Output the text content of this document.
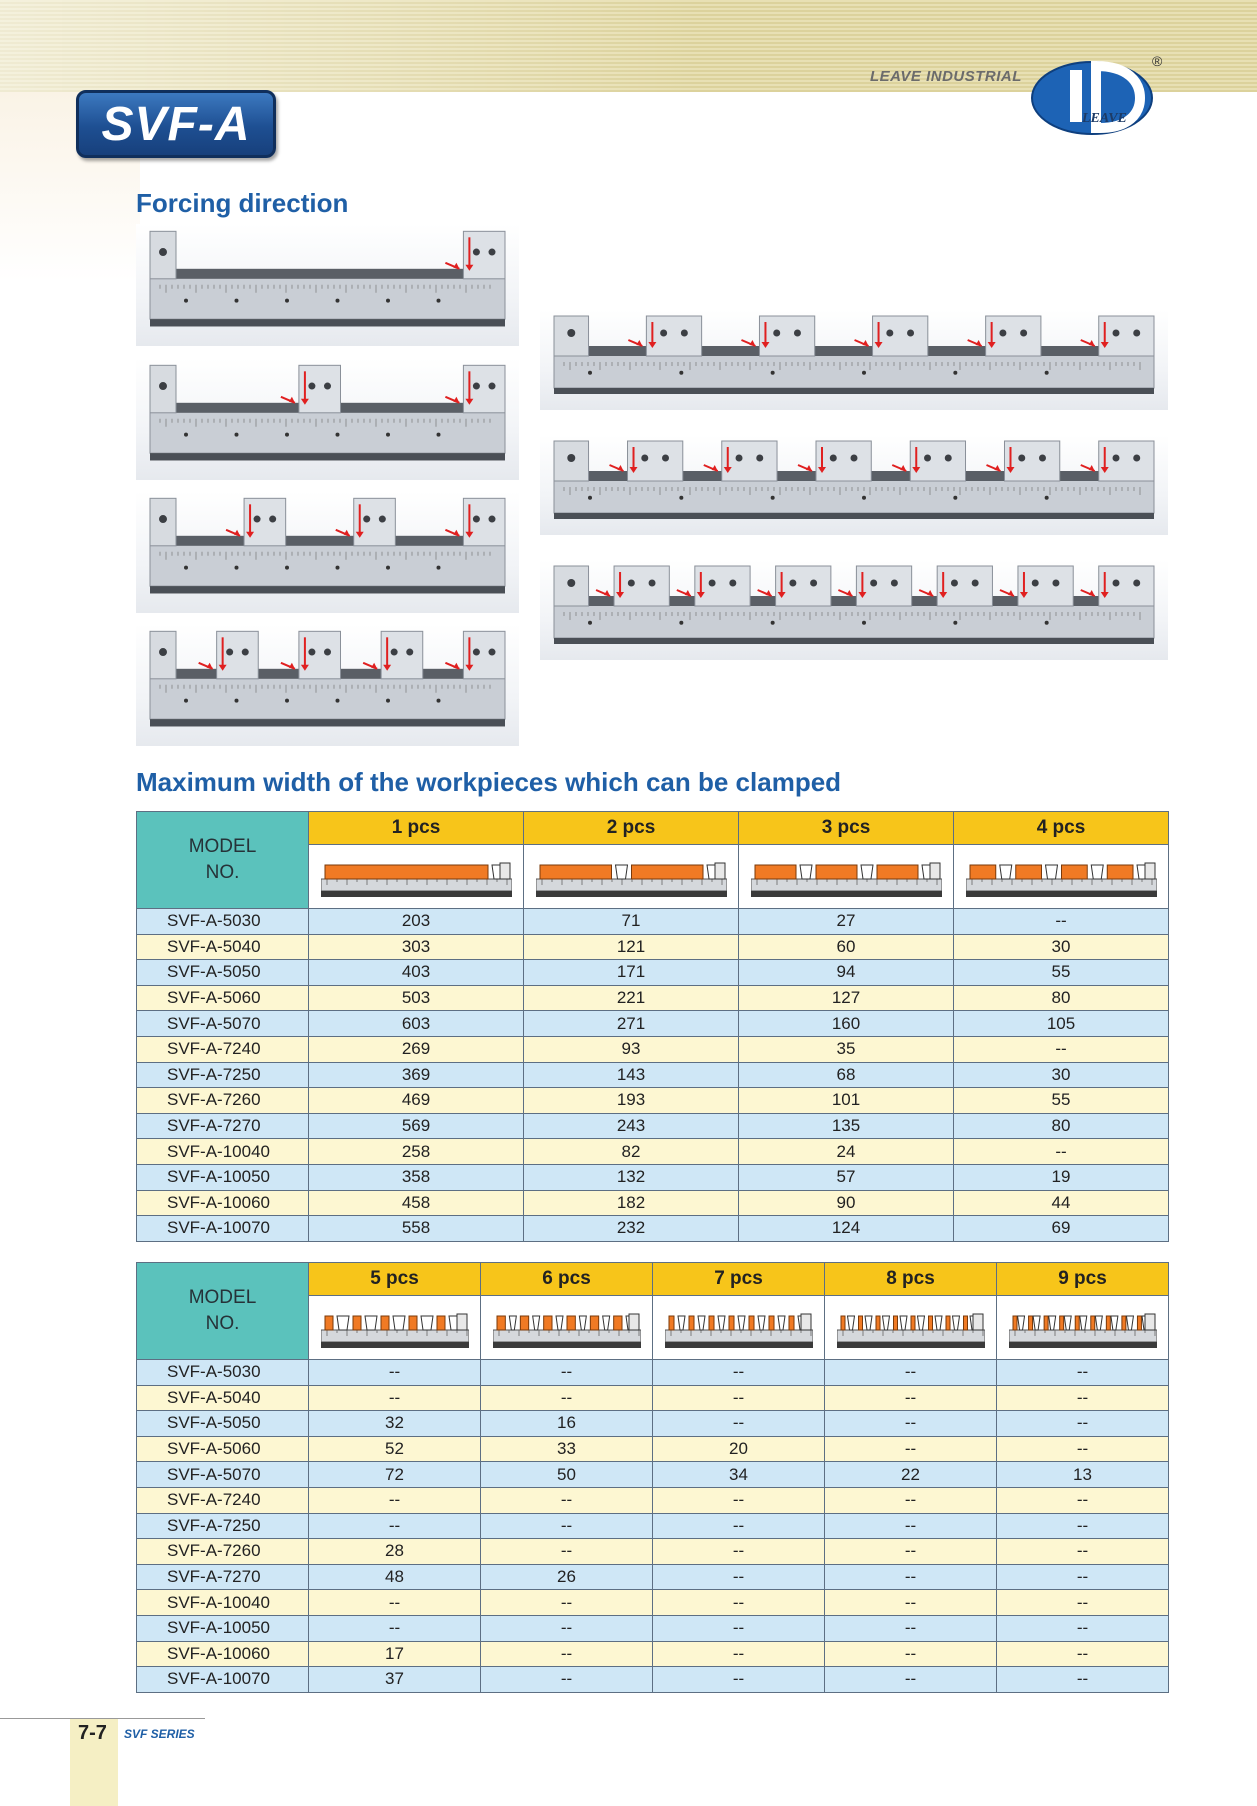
LEAVE INDUSTRIAL
LEAVE
®
SVF-A
Forcing direction
Maximum width of the workpieces which can be clamped
MODEL
NO.	1 pcs	2 pcs	3 pcs	4 pcs

SVF-A-5030	203	71	27	--
SVF-A-5040	303	121	60	30
SVF-A-5050	403	171	94	55
SVF-A-5060	503	221	127	80
SVF-A-5070	603	271	160	105
SVF-A-7240	269	93	35	--
SVF-A-7250	369	143	68	30
SVF-A-7260	469	193	101	55
SVF-A-7270	569	243	135	80
SVF-A-10040	258	82	24	--
SVF-A-10050	358	132	57	19
SVF-A-10060	458	182	90	44
SVF-A-10070	558	232	124	69
MODEL
NO.	5 pcs	6 pcs	7 pcs	8 pcs	9 pcs

SVF-A-5030	--	--	--	--	--
SVF-A-5040	--	--	--	--	--
SVF-A-5050	32	16	--	--	--
SVF-A-5060	52	33	20	--	--
SVF-A-5070	72	50	34	22	13
SVF-A-7240	--	--	--	--	--
SVF-A-7250	--	--	--	--	--
SVF-A-7260	28	--	--	--	--
SVF-A-7270	48	26	--	--	--
SVF-A-10040	--	--	--	--	--
SVF-A-10050	--	--	--	--	--
SVF-A-10060	17	--	--	--	--
SVF-A-10070	37	--	--	--	--
7-7 SVF SERIES
